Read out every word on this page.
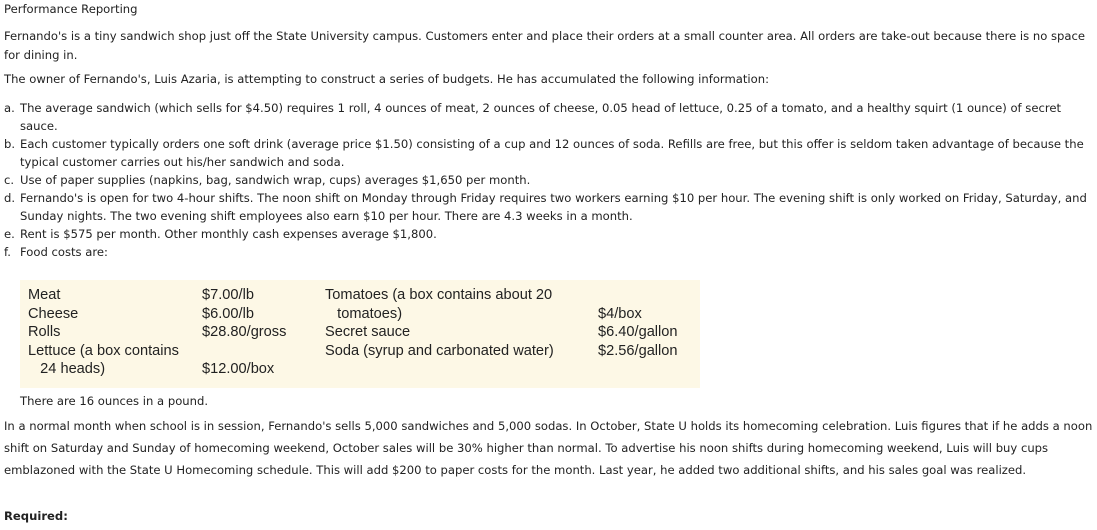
Performance Reporting
Fernando's is a tiny sandwich shop just off the State University campus. Customers enter and place their orders at a small counter area. All orders are take-out because there is no space for dining in.
The owner of Fernando's, Luis Azaria, is attempting to construct a series of budgets. He has accumulated the following information:
a. The average sandwich (which sells for $4.50) requires 1 roll, 4 ounces of meat, 2 ounces of cheese, 0.05 head of lettuce, 0.25 of a tomato, and a healthy squirt (1 ounce) of secret sauce.
b. Each customer typically orders one soft drink (average price $1.50) consisting of a cup and 12 ounces of soda. Refills are free, but this offer is seldom taken advantage of because the typical customer carries out his/her sandwich and soda.
c. Use of paper supplies (napkins, bag, sandwich wrap, cups) averages $1,650 per month.
d. Fernando's is open for two 4-hour shifts. The noon shift on Monday through Friday requires two workers earning $10 per hour. The evening shift is only worked on Friday, Saturday, and Sunday nights. The two evening shift employees also earn $10 per hour. There are 4.3 weeks in a month.
e. Rent is $575 per month. Other monthly cash expenses average $1,800.
f. Food costs are:
Meat
Cheese
Rolls
Lettuce (a box contains
24 heads)
$7.00/lb
$6.00/lb
$28.80/gross

$12.00/box
Tomatoes (a box contains about 20
tomatoes)
Secret sauce
Soda (syrup and carbonated water)

$4/box
$6.40/gallon
$2.56/gallon
There are 16 ounces in a pound.
In a normal month when school is in session, Fernando's sells 5,000 sandwiches and 5,000 sodas. In October, State U holds its homecoming celebration. Luis figures that if he adds a noon shift on Saturday and Sunday of homecoming weekend, October sales will be 30% higher than normal. To advertise his noon shifts during homecoming weekend, Luis will buy cups emblazoned with the State U Homecoming schedule. This will add $200 to paper costs for the month. Last year, he added two additional shifts, and his sales goal was realized.
Required:
